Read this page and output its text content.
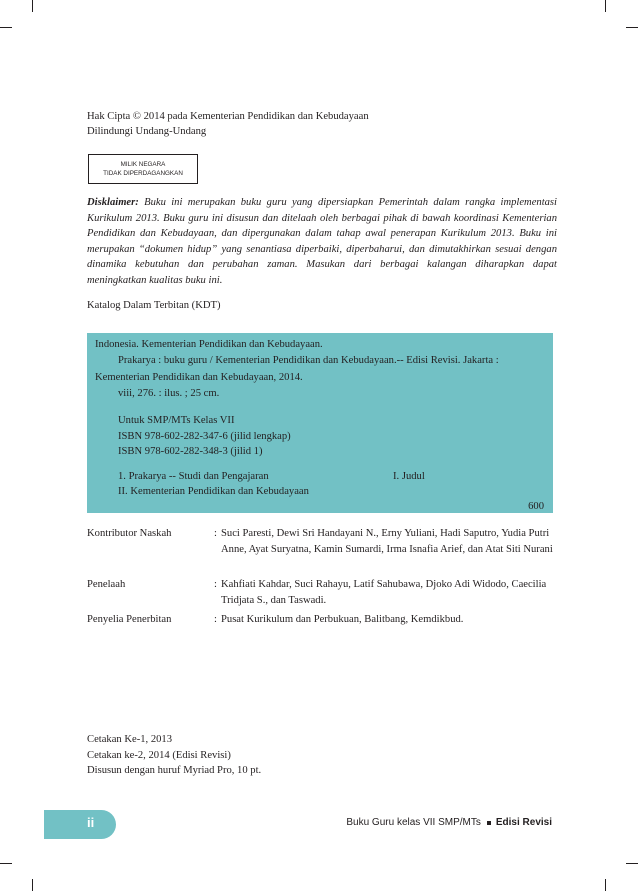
Hak Cipta © 2014 pada Kementerian Pendidikan dan Kebudayaan
Dilindungi Undang-Undang
MILIK NEGARA
TIDAK DIPERDAGANGKAN
Disklaimer: Buku ini merupakan buku guru yang dipersiapkan Pemerintah dalam rangka implementasi Kurikulum 2013. Buku guru ini disusun dan ditelaah oleh berbagai pihak di bawah koordinasi Kementerian Pendidikan dan Kebudayaan, dan dipergunakan dalam tahap awal penerapan Kurikulum 2013. Buku ini merupakan “dokumen hidup” yang senantiasa diperbaiki, diperbaharui, dan dimutakhirkan sesuai dengan dinamika kebutuhan dan perubahan zaman. Masukan dari berbagai kalangan diharapkan dapat meningkatkan kualitas buku ini.
Katalog Dalam Terbitan (KDT)
Indonesia. Kementerian Pendidikan dan Kebudayaan.
Prakarya : buku guru / Kementerian Pendidikan dan Kebudayaan.-- Edisi Revisi. Jakarta :
Kementerian Pendidikan dan Kebudayaan, 2014.
viii, 276. : ilus. ; 25 cm.
Untuk SMP/MTs Kelas VII
ISBN 978-602-282-347-6 (jilid lengkap)
ISBN 978-602-282-348-3 (jilid 1)
1. Prakarya -- Studi dan Pengajaran	I. Judul
II. Kementerian Pendidikan dan Kebudayaan
600
Kontributor Naskah	: Suci Paresti, Dewi Sri Handayani N., Erny Yuliani, Hadi Saputro, Yudia Putri Anne, Ayat Suryatna, Kamin Sumardi, Irma Isnafia Arief, dan Atat Siti Nurani
Penelaah	: Kahfiati Kahdar, Suci Rahayu, Latif Sahubawa, Djoko Adi Widodo, Caecilia Tridjata S., dan Taswadi.
Penyelia Penerbitan	: Pusat Kurikulum dan Perbukuan, Balitbang, Kemdikbud.
Cetakan Ke-1, 2013
Cetakan ke-2, 2014 (Edisi Revisi)
Disusun dengan huruf Myriad Pro, 10 pt.
ii	Buku Guru kelas VII SMP/MTs Edisi Revisi
